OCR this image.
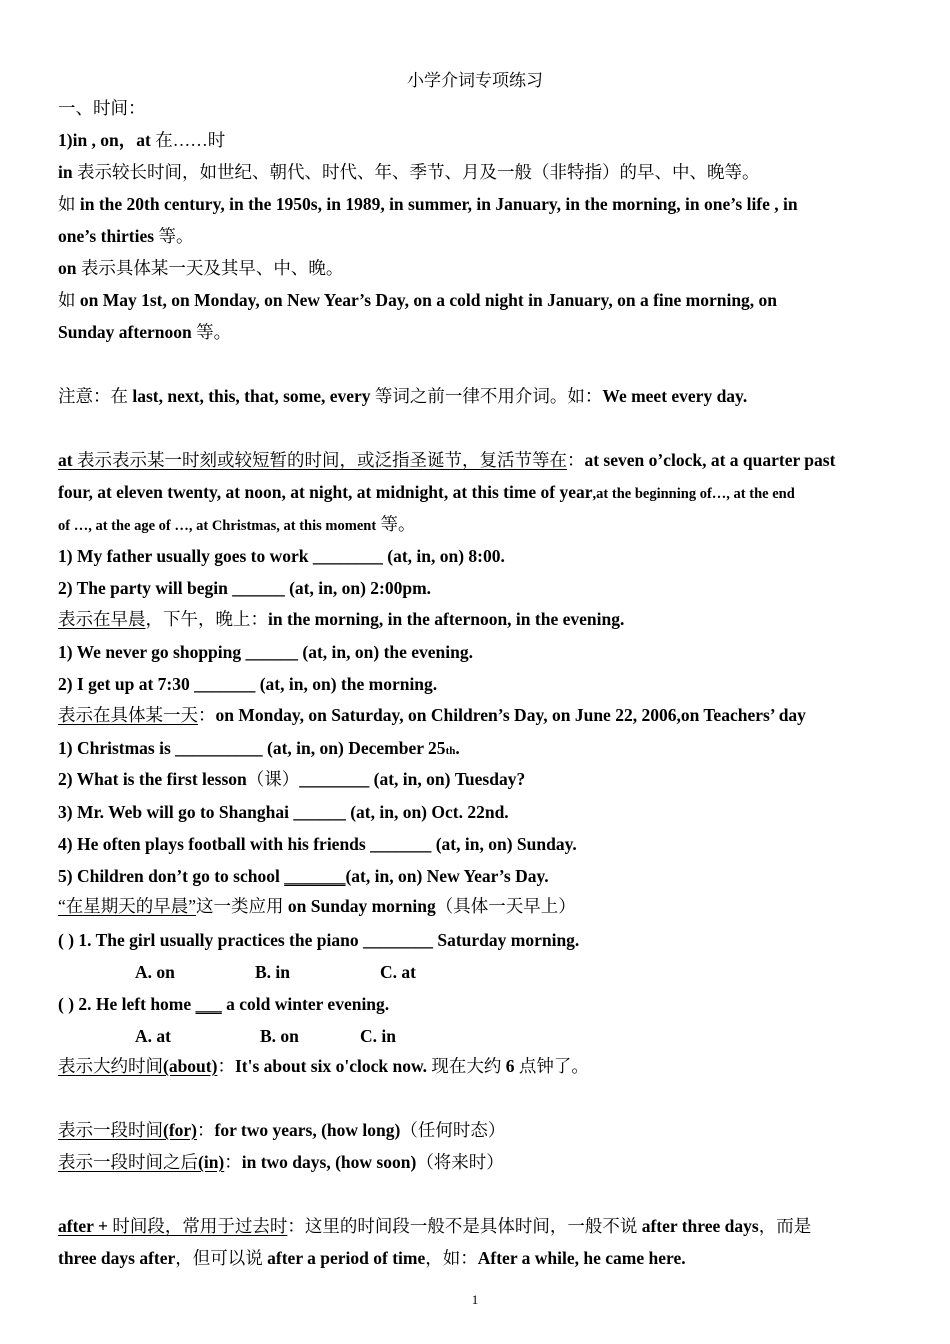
小学介词专项练习
一、时间：
1)in , on，at 在……时
in 表示较长时间，如世纪、朝代、时代、年、季节、月及一般（非特指）的早、中、晚等。
如 in the 20th century, in the 1950s, in 1989, in summer, in January, in the morning, in one’s life , in
one’s thirties 等。
on 表示具体某一天及其早、中、晚。
如 on May 1st, on Monday, on New Year’s Day, on a cold night in January, on a fine morning, on
Sunday afternoon 等。
注意：在 last, next, this, that, some, every 等词之前一律不用介词。如：We meet every day.
at 表示表示某一时刻或较短暂的时间，或泛指圣诞节，复活节等在：at seven o’clock, at a quarter past
four, at eleven twenty, at noon, at night, at midnight, at this time of year,at the beginning of…, at the end
of …, at the age of …, at Christmas, at this moment 等。
1) My father usually goes to work ________ (at, in, on) 8:00.
2) The party will begin ______ (at, in, on) 2:00pm.
表示在早晨，下午，晚上：in the morning, in the afternoon, in the evening.
1) We never go shopping ______ (at, in, on) the evening.
2) I get up at 7:30 _______ (at, in, on) the morning.
表示在具体某一天：on Monday, on Saturday, on Children’s Day, on June 22, 2006,on Teachers’ day
1) Christmas is __________ (at, in, on) December 25th.
2) What is the first lesson（课）________ (at, in, on) Tuesday?
3) Mr. Web will go to Shanghai ______ (at, in, on) Oct. 22nd.
4) He often plays football with his friends _______ (at, in, on) Sunday.
5) Children don’t go to school _______(at, in, on) New Year’s Day.
“在星期天的早晨”这一类应用 on Sunday morning（具体一天早上）
( ) 1. The girl usually practices the piano ________ Saturday morning.
A. on	B. in	C. at
( ) 2. He left home ___ a cold winter evening.
A. at	B. on	C. in
表示大约时间(about)：It's about six o'clock now. 现在大约 6 点钟了。
表示一段时间(for)：for two years, (how long)（任何时态）
表示一段时间之后(in)：in two days, (how soon)（将来时）
after + 时间段，常用于过去时：这里的时间段一般不是具体时间，一般不说 after three days，而是
three days after，但可以说 after a period of time，如：After a while, he came here.
1
